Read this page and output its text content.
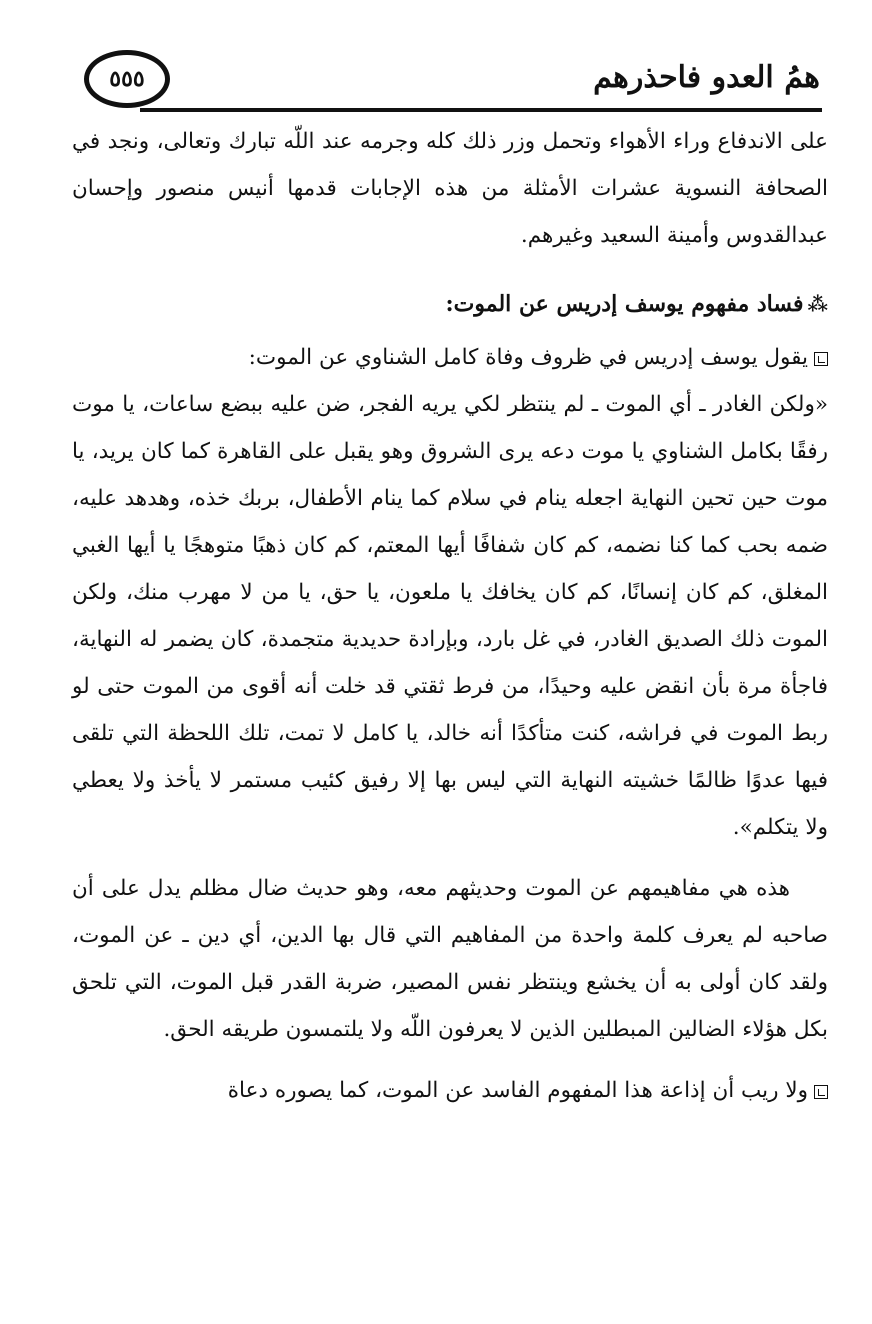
٥٥٥	همُ العدو فاحذرهم

على الاندفاع وراء الأهواء وتحمل وزر ذلك كله وجرمه عند اللّه تبارك وتعالى، ونجد في الصحافة النسوية عشرات الأمثلة من هذه الإجابات قدمها أنيس منصور وإحسان عبدالقدوس وأمينة السعيد وغيرهم.

⁂فساد مفهوم يوسف إدريس عن الموت:

يقول يوسف إدريس في ظروف وفاة كامل الشناوي عن الموت:

«ولكن الغادر ـ أي الموت ـ لم ينتظر لكي يريه الفجر، ضن عليه ببضع ساعات، يا موت رفقًا بكامل الشناوي يا موت دعه يرى الشروق وهو يقبل على القاهرة كما كان يريد، يا موت حين تحين النهاية اجعله ينام في سلام كما ينام الأطفال، بربك خذه، وهدهد عليه، ضمه بحب كما كنا نضمه، كم كان شفافًا أيها المعتم، كم كان ذهبًا متوهجًا يا أيها الغبي المغلق، كم كان إنسانًا، كم كان يخافك يا ملعون، يا حق، يا من لا مهرب منك، ولكن الموت ذلك الصديق الغادر، في غل بارد، وبإرادة حديدية متجمدة، كان يضمر له النهاية، فاجأة مرة بأن انقض عليه وحيدًا، من فرط ثقتي قد خلت أنه أقوى من الموت حتى لو ربط الموت في فراشه، كنت متأكدًا أنه خالد، يا كامل لا تمت، تلك اللحظة التي تلقى فيها عدوًا ظالمًا خشيته النهاية التي ليس بها إلا رفيق كئيب مستمر لا يأخذ ولا يعطي ولا يتكلم».

هذه هي مفاهيمهم عن الموت وحديثهم معه، وهو حديث ضال مظلم يدل على أن صاحبه لم يعرف كلمة واحدة من المفاهيم التي قال بها الدين، أي دين ـ عن الموت، ولقد كان أولى به أن يخشع وينتظر نفس المصير، ضربة القدر قبل الموت، التي تلحق بكل هؤلاء الضالين المبطلين الذين لا يعرفون اللّه ولا يلتمسون طريقه الحق.

ولا ريب أن إذاعة هذا المفهوم الفاسد عن الموت، كما يصوره دعاة
